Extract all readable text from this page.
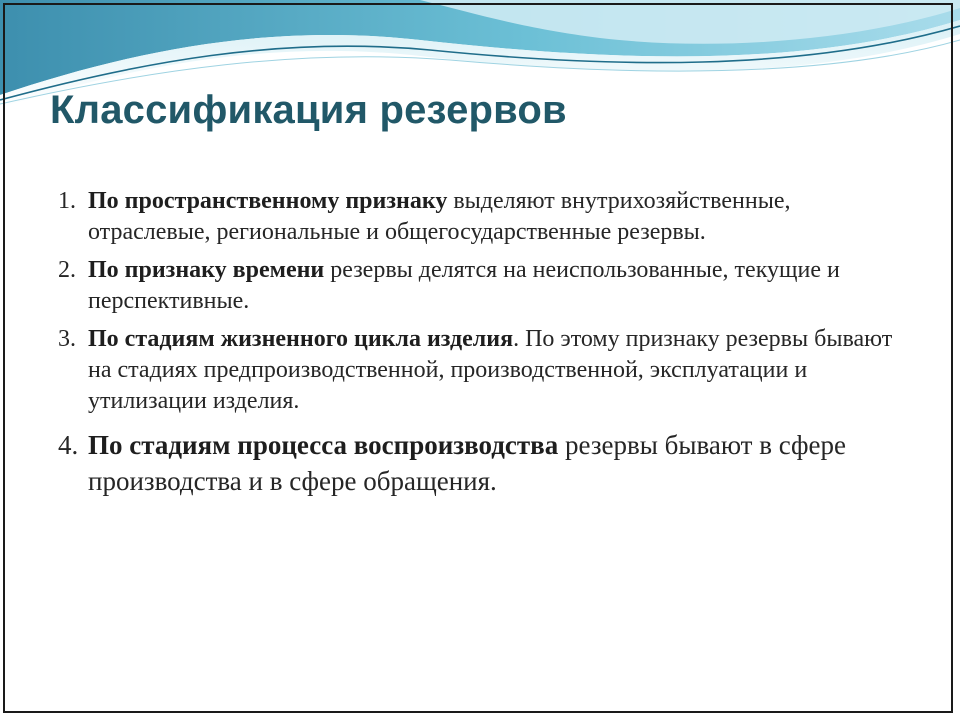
Классификация резервов
1. По пространственному признаку выделяют внутрихозяйственные, отраслевые, региональные и общегосударственные резервы.
2. По признаку времени резервы делятся на неиспользованные, текущие и перспективные.
3. По стадиям жизненного цикла изделия. По этому признаку резервы бывают на стадиях предпроизводственной, производственной, эксплуатации и утилизации изделия.
4. По стадиям процесса воспроизводства резервы бывают в сфере производства и в сфере обращения.
